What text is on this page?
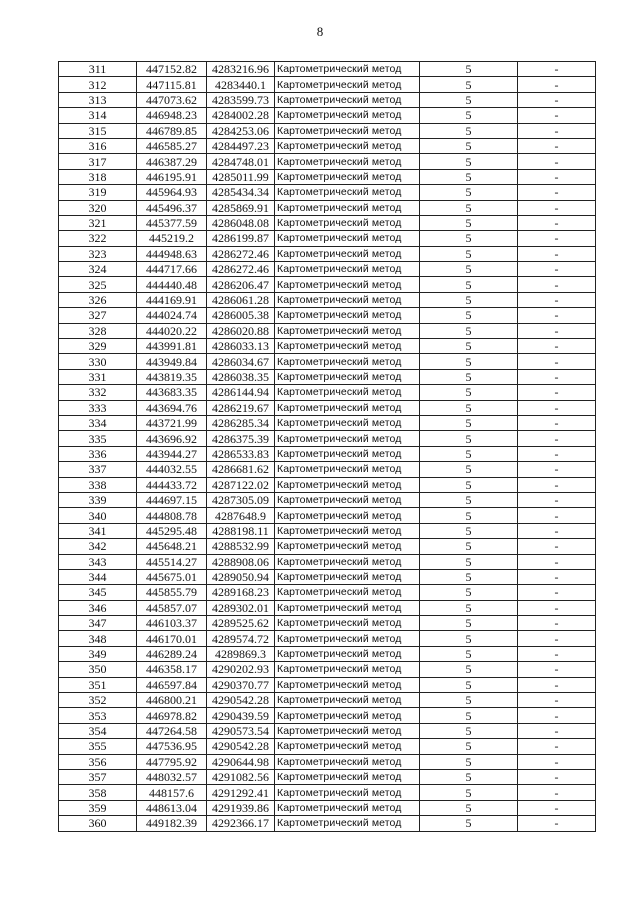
8
311	447152.82	4283216.96	Картометрический метод	5	-
312	447115.81	4283440.1	Картометрический метод	5	-
313	447073.62	4283599.73	Картометрический метод	5	-
314	446948.23	4284002.28	Картометрический метод	5	-
315	446789.85	4284253.06	Картометрический метод	5	-
316	446585.27	4284497.23	Картометрический метод	5	-
317	446387.29	4284748.01	Картометрический метод	5	-
318	446195.91	4285011.99	Картометрический метод	5	-
319	445964.93	4285434.34	Картометрический метод	5	-
320	445496.37	4285869.91	Картометрический метод	5	-
321	445377.59	4286048.08	Картометрический метод	5	-
322	445219.2	4286199.87	Картометрический метод	5	-
323	444948.63	4286272.46	Картометрический метод	5	-
324	444717.66	4286272.46	Картометрический метод	5	-
325	444440.48	4286206.47	Картометрический метод	5	-
326	444169.91	4286061.28	Картометрический метод	5	-
327	444024.74	4286005.38	Картометрический метод	5	-
328	444020.22	4286020.88	Картометрический метод	5	-
329	443991.81	4286033.13	Картометрический метод	5	-
330	443949.84	4286034.67	Картометрический метод	5	-
331	443819.35	4286038.35	Картометрический метод	5	-
332	443683.35	4286144.94	Картометрический метод	5	-
333	443694.76	4286219.67	Картометрический метод	5	-
334	443721.99	4286285.34	Картометрический метод	5	-
335	443696.92	4286375.39	Картометрический метод	5	-
336	443944.27	4286533.83	Картометрический метод	5	-
337	444032.55	4286681.62	Картометрический метод	5	-
338	444433.72	4287122.02	Картометрический метод	5	-
339	444697.15	4287305.09	Картометрический метод	5	-
340	444808.78	4287648.9	Картометрический метод	5	-
341	445295.48	4288198.11	Картометрический метод	5	-
342	445648.21	4288532.99	Картометрический метод	5	-
343	445514.27	4288908.06	Картометрический метод	5	-
344	445675.01	4289050.94	Картометрический метод	5	-
345	445855.79	4289168.23	Картометрический метод	5	-
346	445857.07	4289302.01	Картометрический метод	5	-
347	446103.37	4289525.62	Картометрический метод	5	-
348	446170.01	4289574.72	Картометрический метод	5	-
349	446289.24	4289869.3	Картометрический метод	5	-
350	446358.17	4290202.93	Картометрический метод	5	-
351	446597.84	4290370.77	Картометрический метод	5	-
352	446800.21	4290542.28	Картометрический метод	5	-
353	446978.82	4290439.59	Картометрический метод	5	-
354	447264.58	4290573.54	Картометрический метод	5	-
355	447536.95	4290542.28	Картометрический метод	5	-
356	447795.92	4290644.98	Картометрический метод	5	-
357	448032.57	4291082.56	Картометрический метод	5	-
358	448157.6	4291292.41	Картометрический метод	5	-
359	448613.04	4291939.86	Картометрический метод	5	-
360	449182.39	4292366.17	Картометрический метод	5	-
